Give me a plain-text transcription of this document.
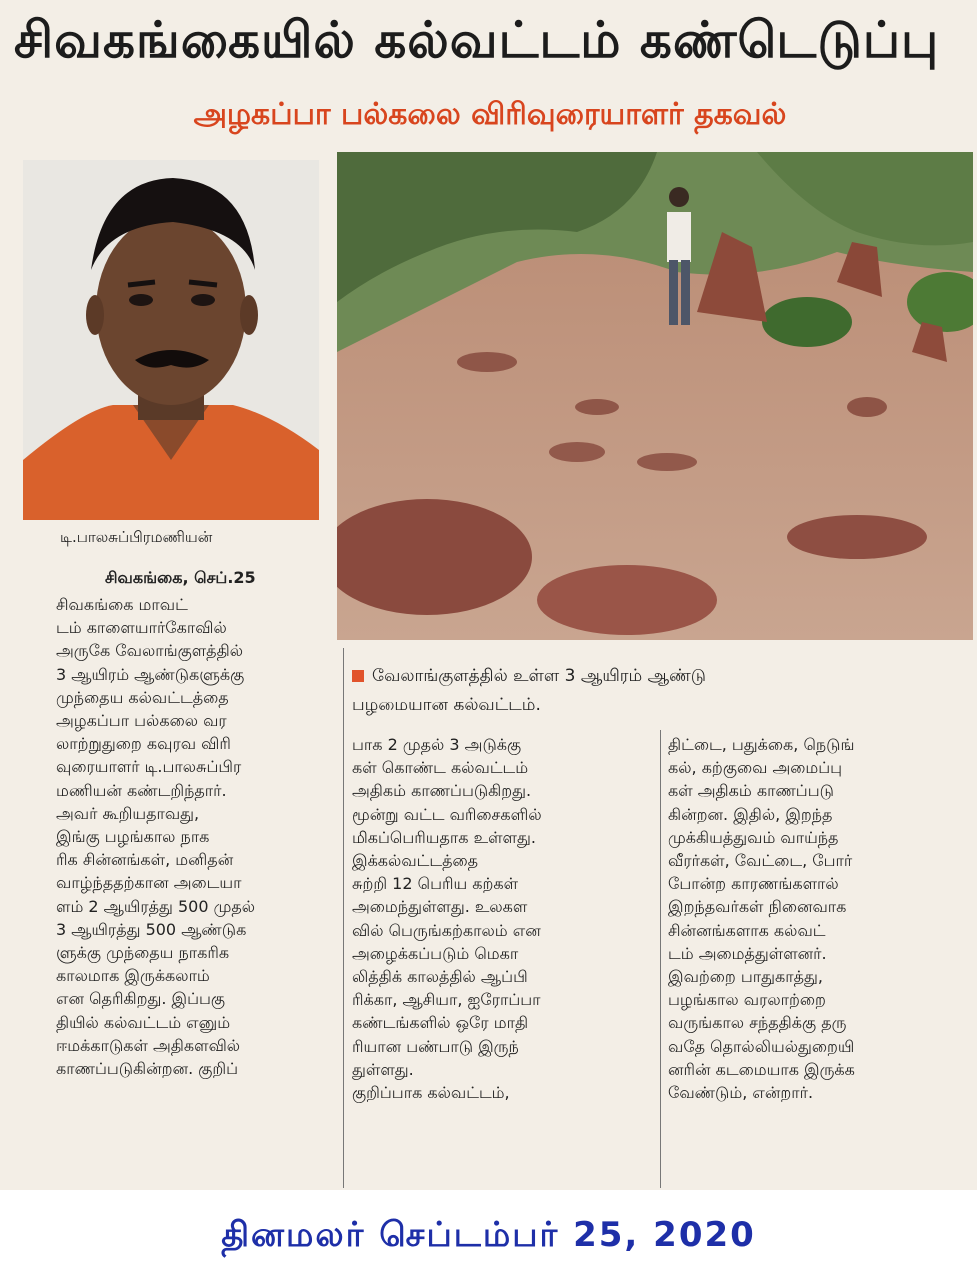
சிவகங்கையில் கல்வட்டம் கண்டெடுப்பு
அழகப்பா பல்கலை விரிவுரையாளர் தகவல்
டி.பாலசுப்பிரமணியன்
சிவகங்கை, செப்.25

வேலாங்குளத்தில் உள்ள 3 ஆயிரம் ஆண்டு

பழமையான கல்வட்டம்.

சிவகங்கை மாவட்

டம் காளையார்கோவில்

அருகே வேலாங்குளத்தில்

3 ஆயிரம் ஆண்டுகளுக்கு

முந்தைய கல்வட்டத்தை

அழகப்பா பல்கலை வர

லாற்றுதுறை கவுரவ விரி

வுரையாளர் டி.பாலசுப்பிர

மணியன் கண்டறிந்தார்.

அவர் கூறியதாவது,

இங்கு பழங்கால நாக

ரிக சின்னங்கள், மனிதன்

வாழ்ந்ததற்கான அடையா

ளம் 2 ஆயிரத்து 500 முதல்

3 ஆயிரத்து 500 ஆண்டுக

ளுக்கு முந்தைய நாகரிக

காலமாக இருக்கலாம்

என தெரிகிறது. இப்பகு

தியில் கல்வட்டம் எனும்

ஈமக்காடுகள் அதிகளவில்

காணப்படுகின்றன. குறிப்

பாக 2 முதல் 3 அடுக்கு

கள் கொண்ட கல்வட்டம்

அதிகம் காணப்படுகிறது.

மூன்று வட்ட வரிசைகளில்

மிகப்பெரியதாக உள்ளது.

இக்கல்வட்டத்தை

சுற்றி 12 பெரிய கற்கள்

அமைந்துள்ளது. உலகள

வில் பெருங்கற்காலம் என

அழைக்கப்படும் மெகா

லித்திக் காலத்தில் ஆப்பி

ரிக்கா, ஆசியா, ஐரோப்பா

கண்டங்களில் ஒரே மாதி

ரியான பண்பாடு இருந்

துள்ளது.

குறிப்பாக கல்வட்டம்,

திட்டை, பதுக்கை, நெடுங்

கல், கற்குவை அமைப்பு

கள் அதிகம் காணப்படு

கின்றன. இதில், இறந்த

முக்கியத்துவம் வாய்ந்த

வீரர்கள், வேட்டை, போர்

போன்ற காரணங்களால்

இறந்தவர்கள் நினைவாக

சின்னங்களாக கல்வட்

டம் அமைத்துள்ளனர்.

இவற்றை பாதுகாத்து,

பழங்கால வரலாற்றை

வருங்கால சந்ததிக்கு தரு

வதே தொல்லியல்துறையி

னரின் கடமையாக இருக்க

வேண்டும், என்றார்.

தினமலர் செப்டம்பர் 25, 2020
